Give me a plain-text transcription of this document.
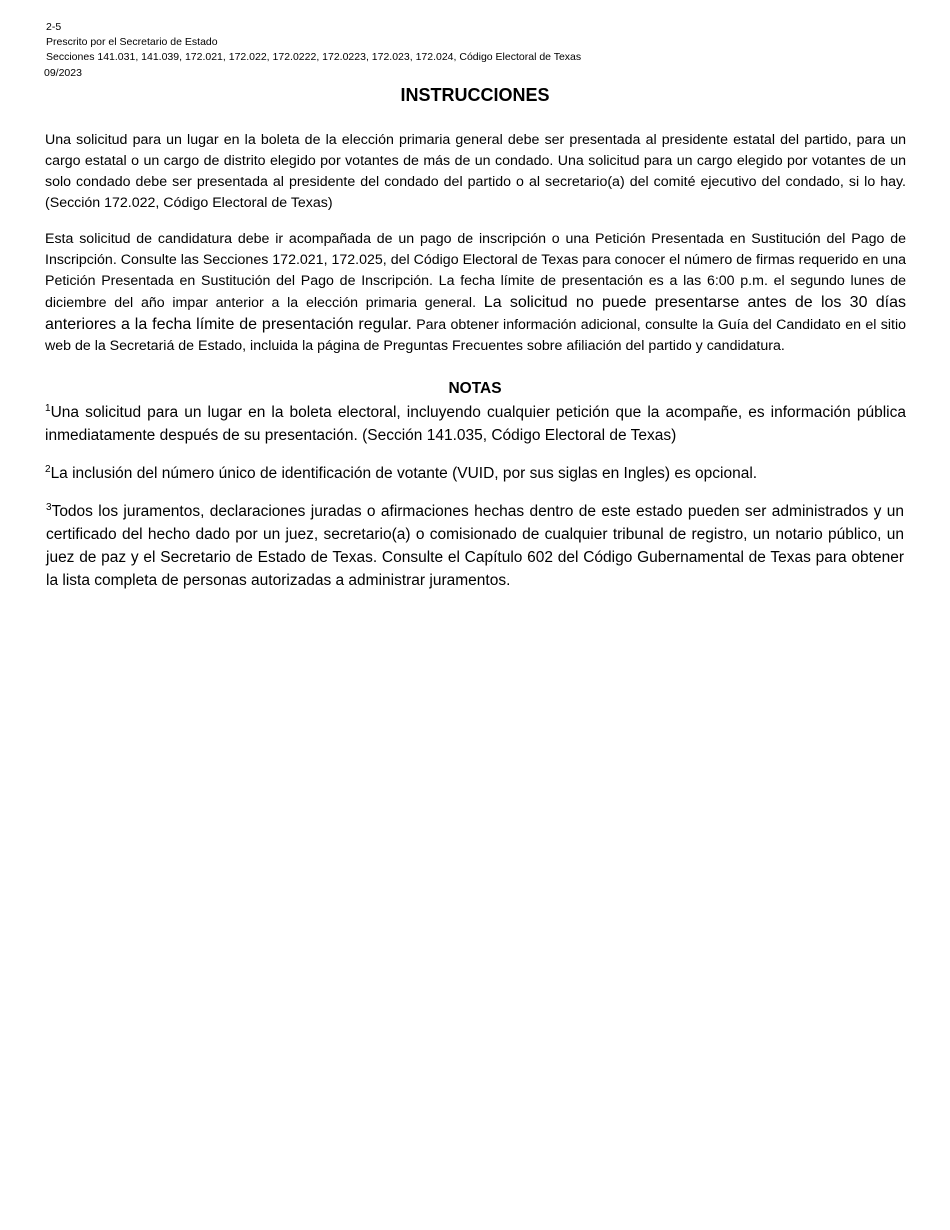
2-5
Prescrito por el Secretario de Estado
Secciones 141.031, 141.039, 172.021, 172.022, 172.0222, 172.0223, 172.023, 172.024, Código Electoral de Texas
09/2023
INSTRUCCIONES
Una solicitud para un lugar en la boleta de la elección primaria general debe ser presentada al presidente estatal del partido, para un cargo estatal o un cargo de distrito elegido por votantes de más de un condado. Una solicitud para un cargo elegido por votantes de un solo condado debe ser presentada al presidente del condado del partido o al secretario(a) del comité ejecutivo del condado, si lo hay. (Sección 172.022, Código Electoral de Texas)
Esta solicitud de candidatura debe ir acompañada de un pago de inscripción o una Petición Presentada en Sustitución del Pago de Inscripción. Consulte las Secciones 172.021, 172.025, del Código Electoral de Texas para conocer el número de firmas requerido en una Petición Presentada en Sustitución del Pago de Inscripción. La fecha límite de presentación es a las 6:00 p.m. el segundo lunes de diciembre del año impar anterior a la elección primaria general. La solicitud no puede presentarse antes de los 30 días anteriores a la fecha límite de presentación regular. Para obtener información adicional, consulte la Guía del Candidato en el sitio web de la Secretariá de Estado, incluida la página de Preguntas Frecuentes sobre afiliación del partido y candidatura.
NOTAS
$^1$Una solicitud para un lugar en la boleta electoral, incluyendo cualquier petición que la acompañe, es información pública inmediatamente después de su presentación. (Sección 141.035, Código Electoral de Texas)
$^2$La inclusión del número único de identificación de votante (VUID, por sus siglas en Ingles) es opcional.
$^3$Todos los juramentos, declaraciones juradas o afirmaciones hechas dentro de este estado pueden ser administrados y un certificado del hecho dado por un juez, secretario(a) o comisionado de cualquier tribunal de registro, un notario público, un juez de paz y el Secretario de Estado de Texas. Consulte el Capítulo 602 del Código Gubernamental de Texas para obtener la lista completa de personas autorizadas a administrar juramentos.
